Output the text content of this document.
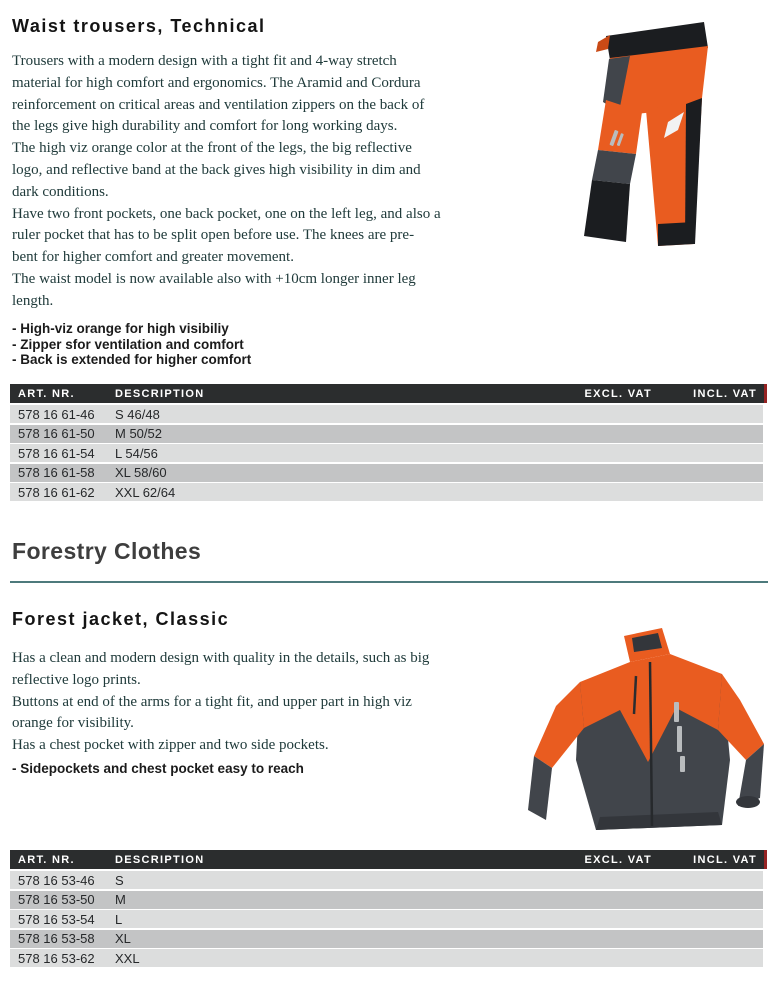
Waist trousers, Technical
Trousers with a modern design with a tight fit and 4-way stretch
material for high comfort and ergonomics. The Aramid and Cordura
reinforcement on critical areas and ventilation zippers on the back of
the legs give high durability and comfort for long working days.
The high viz orange color at the front of the legs, the big reflective
logo, and reflective band at the back gives high visibility in dim and
dark conditions.
Have two front pockets, one back pocket, one on the left leg, and also a
ruler pocket that has to be split open before use. The knees are pre-
bent for higher comfort and greater movement.
The waist model is now available also with +10cm longer inner leg
length.
- High-viz orange for high visibiliy
- Zipper sfor ventilation and comfort
- Back is extended for higher comfort
ART. NR.	DESCRIPTION	EXCL. VAT	INCL. VAT
578 16 61-46	S 46/48
578 16 61-50	M 50/52
578 16 61-54	L 54/56
578 16 61-58	XL 58/60
578 16 61-62	XXL 62/64
Forestry Clothes
Forest jacket, Classic
Has a clean and modern design with quality in the details, such as big
reflective logo prints.
Buttons at end of the arms for a tight fit, and upper part in high viz
orange for visibility.
Has a chest pocket with zipper and two side pockets.
- Sidepockets and chest pocket easy to reach
ART. NR.	DESCRIPTION	EXCL. VAT	INCL. VAT
578 16 53-46	S
578 16 53-50	M
578 16 53-54	L
578 16 53-58	XL
578 16 53-62	XXL
